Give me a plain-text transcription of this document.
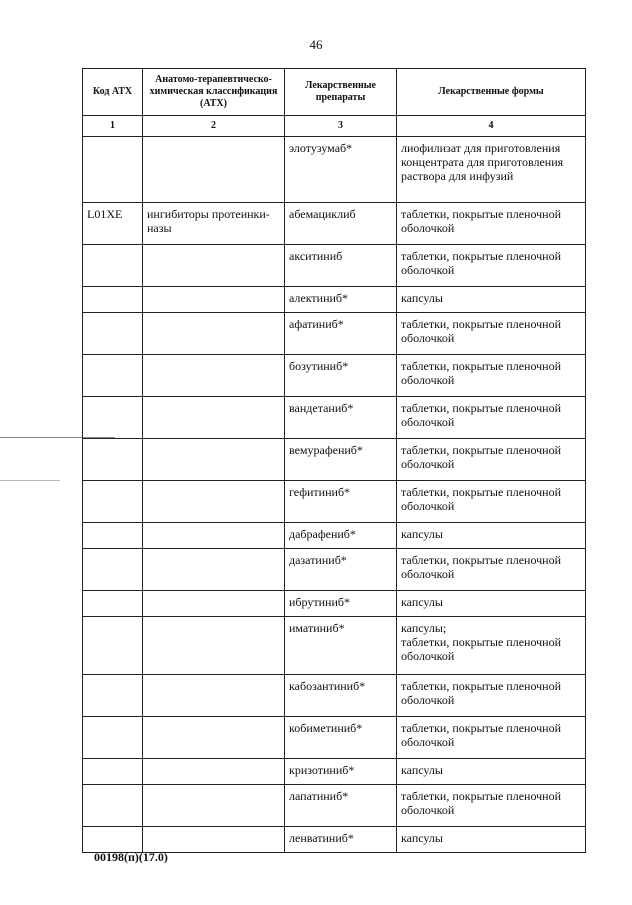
46
Код АТХ	Анатомо-терапевтическо-химическая классификация (АТХ)	Лекарственные препараты	Лекарственные формы
1	2	3	4
		элотузумаб*	лиофилизат для приготовления концентрата для приготовления раствора для инфузий

L01XE	ингибиторы протеинки-назы	абемациклиб	таблетки, покрытые пленочной оболочкой

		акситиниб	таблетки, покрытые пленочной оболочкой

		алектиниб*	капсулы

		афатиниб*	таблетки, покрытые пленочной оболочкой

		бозутиниб*	таблетки, покрытые пленочной оболочкой

		вандетаниб*	таблетки, покрытые пленочной оболочкой

		вемурафениб*	таблетки, покрытые пленочной оболочкой

		гефитиниб*	таблетки, покрытые пленочной оболочкой

		дабрафениб*	капсулы

		дазатиниб*	таблетки, покрытые пленочной оболочкой

		ибрутиниб*	капсулы

		иматиниб*	капсулы;
таблетки, покрытые пленочной оболочкой

		кабозантиниб*	таблетки, покрытые пленочной оболочкой

		кобиметиниб*	таблетки, покрытые пленочной оболочкой

		кризотиниб*	капсулы

		лапатиниб*	таблетки, покрытые пленочной оболочкой

		ленватиниб*	капсулы
00198(п)(17.0)
